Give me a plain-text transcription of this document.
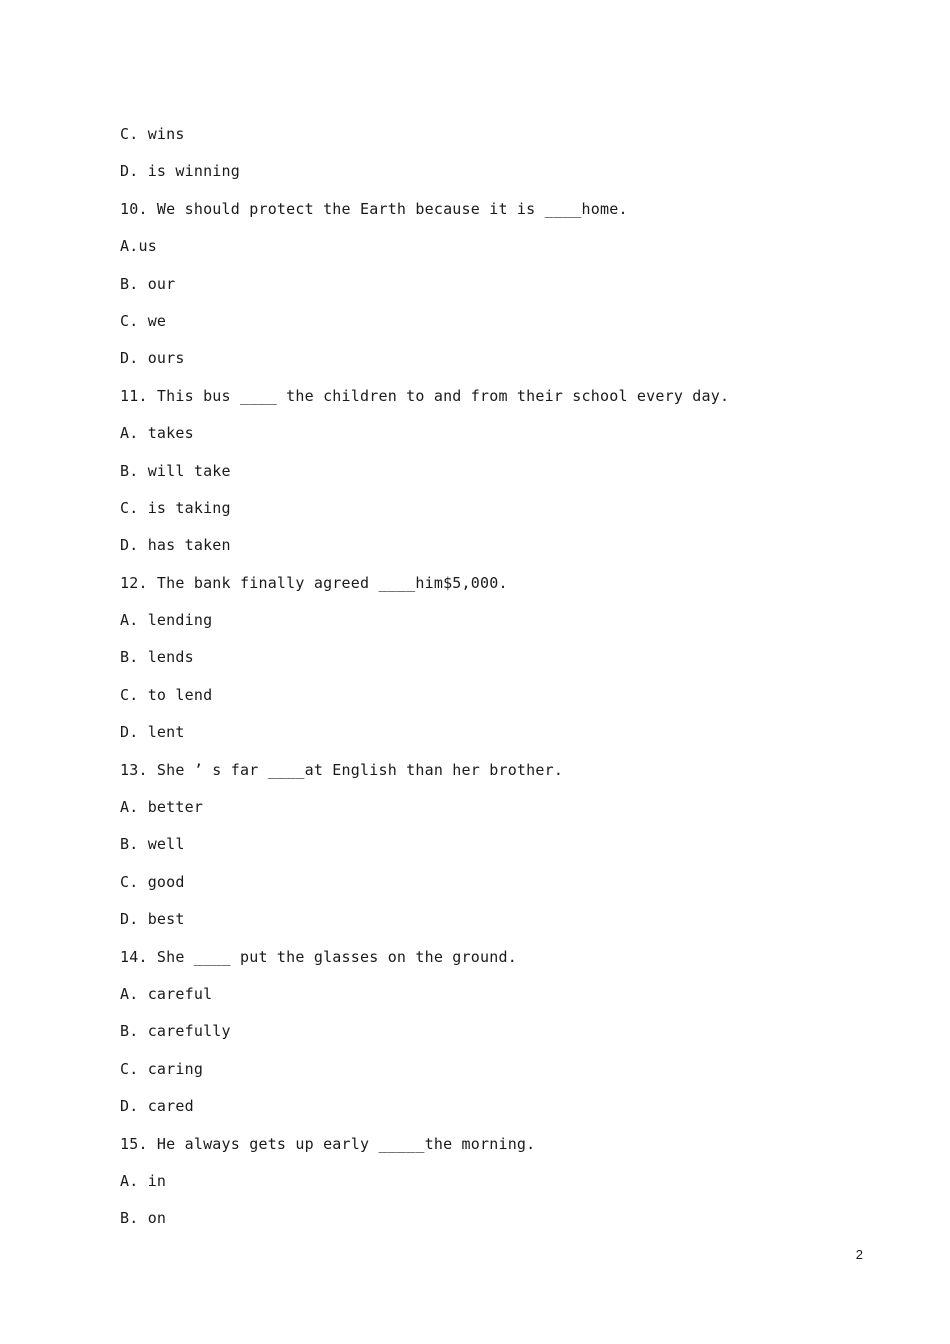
C. wins
D. is winning
10. We should protect the Earth because it is ____home.
A.us
B. our
C. we
D. ours
11. This bus ____ the children to and from their school every day.
A. takes
B. will take
C. is taking
D. has taken
12. The bank finally agreed ____him$5,000.
A. lending
B. lends
C. to lend
D. lent
13. She ’ s far ____at English than her brother.
A. better
B. well
C. good
D. best
14. She ____ put the glasses on the ground.
A. careful
B. carefully
C. caring
D. cared
15. He always gets up early _____the morning.
A. in
B. on
2
